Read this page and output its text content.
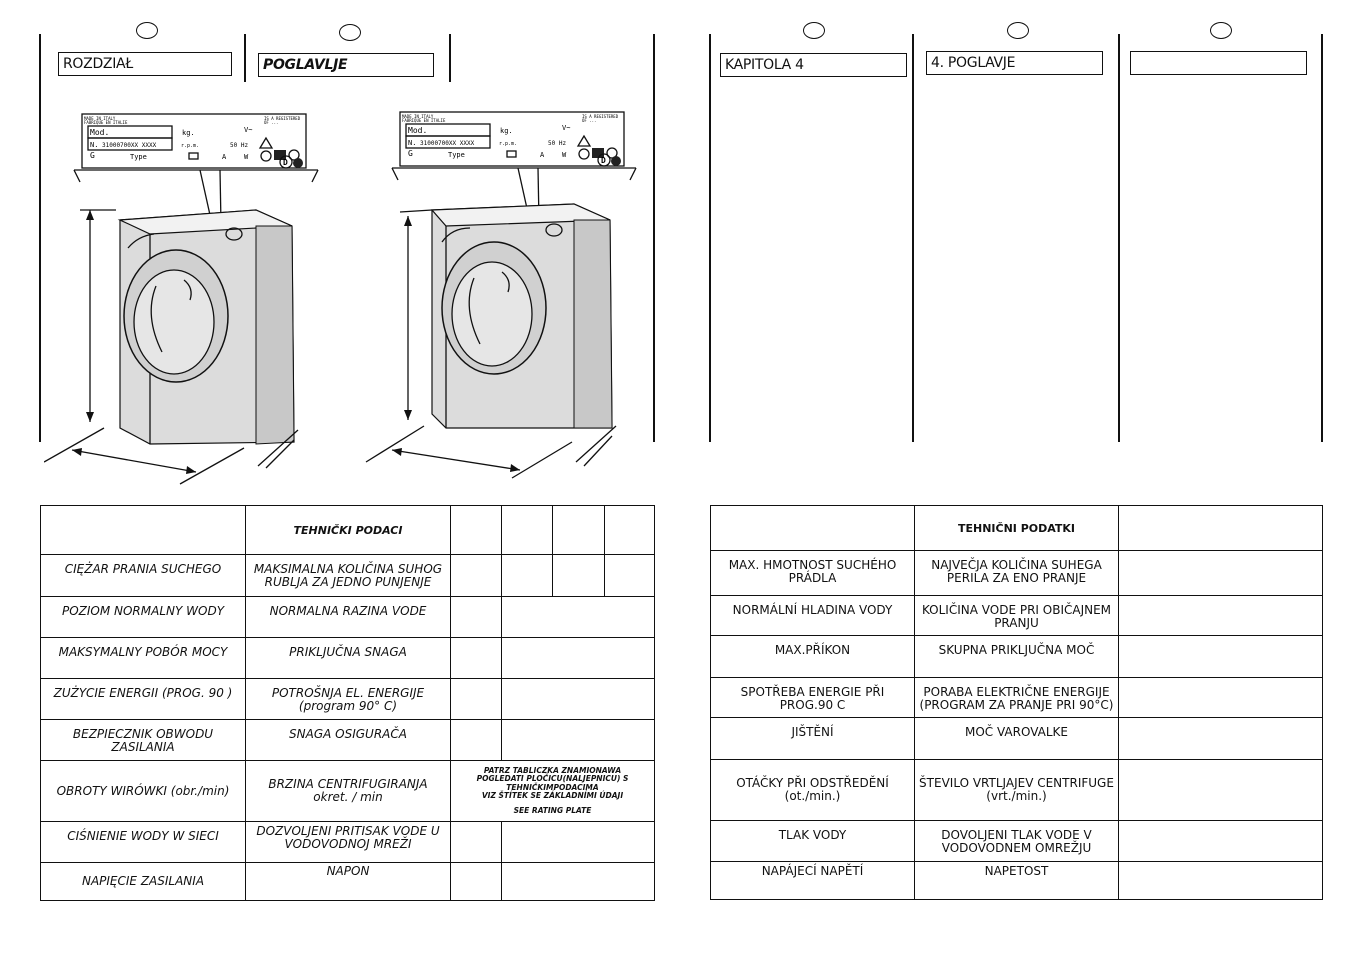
ROZDZIAŁ	POGLAVLJE	KAPITOLA 4	4. POGLAVJE
MADE IN ITALY
FABRIQUE EN ITALIE
Mod.
N. 31000700XX XXXX
G	Type
kg.
r.p.m.	50 Hz
V~
A	W
IS A REGISTERED
OF ...
D
MADE IN ITALY
FABRIQUE EN ITALIE
Mod.
N. 31000700XX XXXX
G	Type
kg.
r.p.m.	50 Hz
V~
A	W
IS A REGISTERED
OF ...
D
	TEHNIČKI PODACI				
CIĘŻAR PRANIA SUCHEGO	MAKSIMALNA KOLIČINA SUHOG RUBLJA ZA JEDNO PUNJENJE				
POZIOM NORMALNY WODY	NORMALNA RAZINA VODE				
MAKSYMALNY POBÓR MOCY	PRIKLJUČNA SNAGA				
ZUŻYCIE ENERGII (PROG. 90 )	POTROŠNJA EL. ENERGIJE (program 90° C)				
BEZPIECZNIK OBWODU ZASILANIA	SNAGA OSIGURAČA				
OBROTY WIRÓWKI (obr./min)	BRZINA CENTRIFUGIRANJA okret. / min	PATRZ TABLICZKA ZNAMIONAWA
POGLEDATI PLOČICU(NALJEPNICU) S TEHNIČKIMPODACIMA
VIZ ŠTÍTEK SE ZÁKLADNÍMI ÚDAJI
SEE RATING PLATE			

CIŚNIENIE WODY W SIECI	DOZVOLJENI PRITISAK VODE U VODOVODNOJ MREŽI				
NAPIĘCIE ZASILANIA	NAPON				
	TEHNIČNI PODATKI	
MAX. HMOTNOST SUCHÉHO PRÁDLA	NAJVEČJA KOLIČINA SUHEGA PERILA ZA ENO PRANJE	
NORMÁLNÍ HLADINA VODY	KOLIČINA VODE PRI OBIČAJNEM PRANJU	
MAX.PŘÍKON	SKUPNA PRIKLJUČNA MOČ	
SPOTŘEBA ENERGIE PŘI PROG.90 C	PORABA ELEKTRIČNE ENERGIJE (PROGRAM ZA PRANJE PRI 90°C)	
JIŠTĚNÍ	MOČ VAROVALKE	
OTÁČKY PŘI ODSTŘEDĚNÍ (ot./min.)	ŠTEVILO VRTLJAJEV CENTRIFUGE (vrt./min.)	
TLAK VODY	DOVOLJENI TLAK VODE V VODOVODNEM OMREŽJU	
NAPÁJECÍ NAPĚTÍ	NAPETOST	
